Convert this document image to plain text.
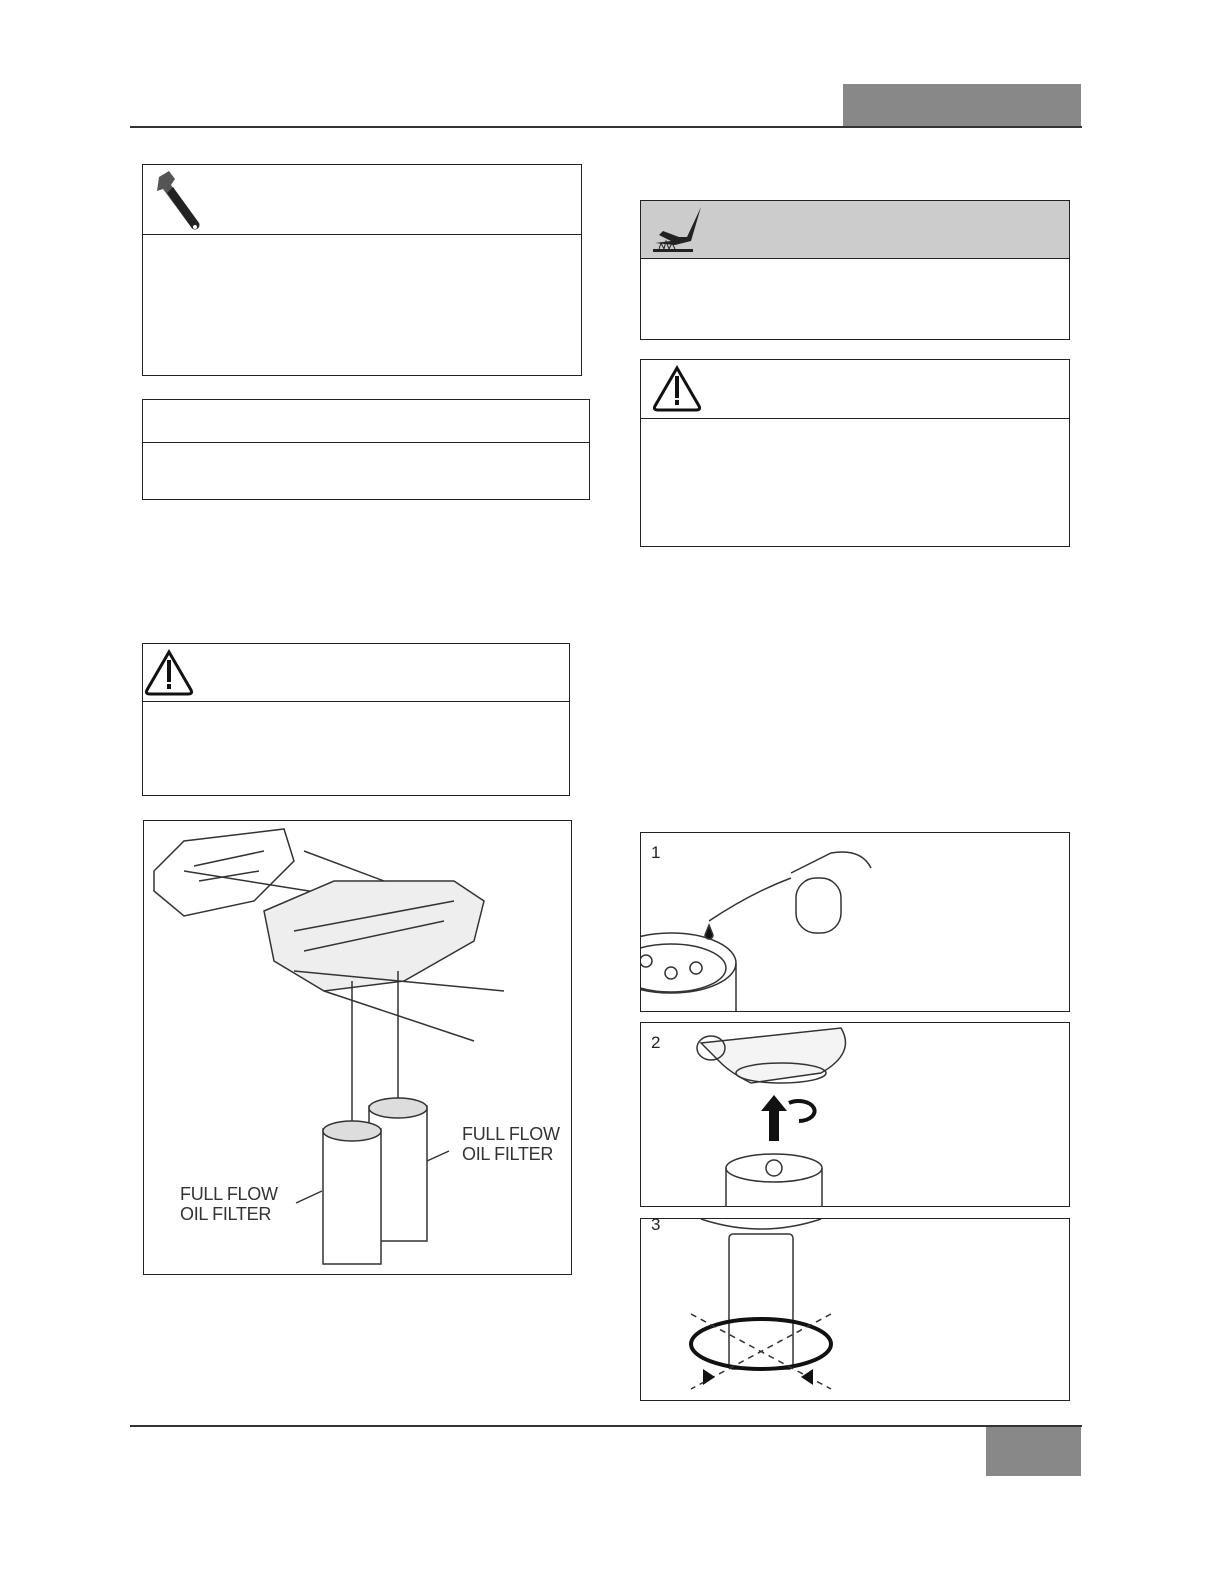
FULL FLOW
OIL FILTER
FULL FLOW
OIL FILTER
1
2
3
